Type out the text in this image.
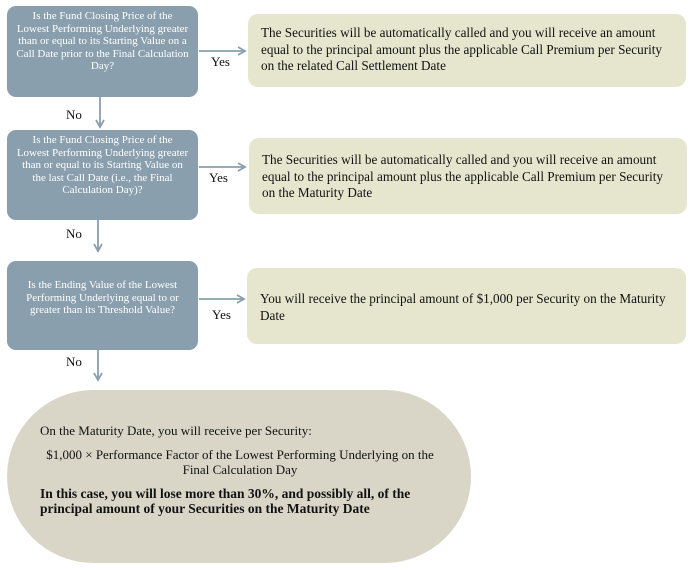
Is the Fund Closing Price of the Lowest Performing Underlying greater than or equal to its Starting Value on a Call Date prior to the Final Calculation Day?	Yes
The Securities will be automatically called and you will receive an amount equal to the principal amount plus the applicable Call Premium per Security on the related Call Settlement Date
No
Is the Fund Closing Price of the Lowest Performing Underlying greater than or equal to its Starting Value on the last Call Date (i.e., the Final Calculation Day)?
Yes
The Securities will be automatically called and you will receive an amount equal to the principal amount plus the applicable Call Premium per Security on the Maturity Date
No
Is the Ending Value of the Lowest Performing Underlying equal to or greater than its Threshold Value?	Yes
You will receive the principal amount of $1,000 per Security on the Maturity Date
No
On the Maturity Date, you will receive per Security:
$1,000 × Performance Factor of the Lowest Performing Underlying on the Final Calculation Day
In this case, you will lose more than 30%, and possibly all, of the principal amount of your Securities on the Maturity Date
